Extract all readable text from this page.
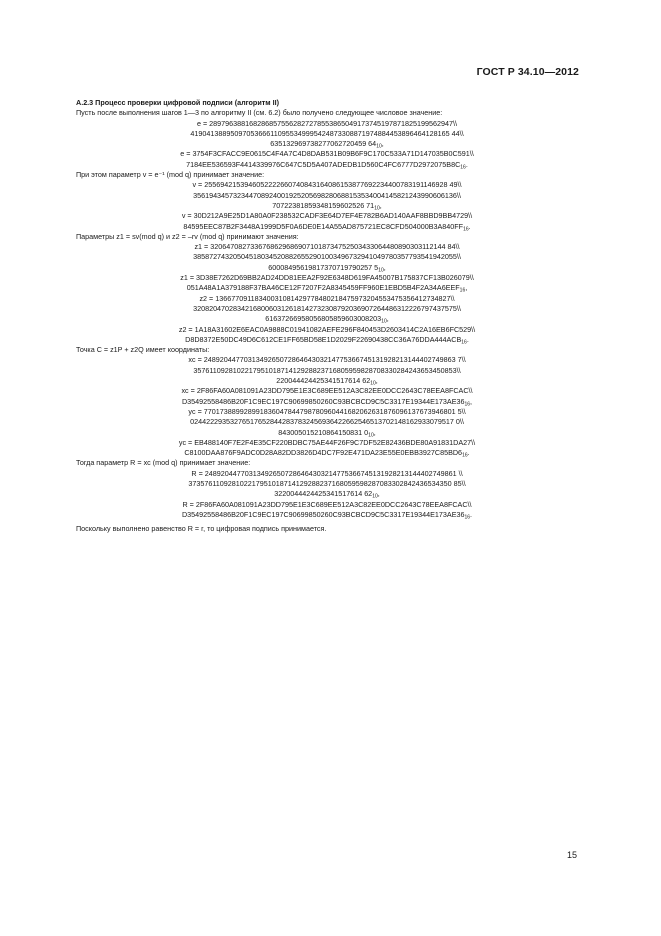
ГОСТ Р 34.10—2012
А.2.3 Процесс проверки цифровой подписи (алгоритм II)
Пусть после выполнения шагов 1—3 по алгоритму II (см. 6.2) было получено следующее числовое значение:
e = 2897963881682868575562827278553865049173745197871825199562947\\
41904138895097053666110955349995424873308871974884453896464128165 44\\
635132969738277062720459 $64_{10}$,
e = 3754F3CFACC9E0615C4F4A7C4D8DAB531B09B6F9C170C533A71D147035B0C591\\
$7184EE536593F4414339976C647C5D5A407ADEDB1D560C4FC6777D2972075B8C_{16}$.
При этом параметр v = e⁻¹ (mod q) принимает значение:
v = 2556942153946052222660740843164086153877692234400783191146928 49\\
356194345732344708924001925205698280688153534004145821243990606136\\
70722381859348159602526 $71_{10}$,
v = 30D212A9E25D1A80A0F238532CADF3E64D7EF4E782B6AD140AAF8BBD9BB4729\\
$84595EEC87B2F3448A1999D5F0A6DE0E14A55AD875721EC8CFD504000B3A840FF_{16}$.
Параметры z1 = sv(mod q) и z2 = –rv (mod q) принимают значения:
z1 = 32064708273367686296869071018734752503433064480890303112144 84\\
385872743205045180345208826552901003496732941049780357793541942055\\
60008495619817370719790257 $5_{10}$,
z1 = 3D38E7262D69BB2AD24DD81EEA2F92E6348D619FA45007B175837CF13B026079\\
$051A48A1A379188F37BA46CE12F7207F2A8345459FF960E1EBD5B4F2A34A6EEF_{16}$,
z2 = 13667709118340031081429778480218475973204553475356412734827\\
320820470283421680060312618142732308792036907264486312226797437575\\
$61637266958056805859603008203_{10}$,
z2 = 1A18A31602E6EAC0A9888C01941082AEFE296F840453D2603414C2A16EB6FC529\\
$D8D8372E50DC49D6C612CE1FF65BD58E1D2029F22690438CC36A76DDA444ACB_{16}$.
Точка C = z1P + z2Q имеет координаты:
xc = 248920447703134926507286464303214775366745131928213144402749863 7\\
357611092810221795101871412928823716805959828708330284243653450853\\
220044424425341517614 $62_{10}$,
xc = 2F86FA60A081091A23DD795E1E3C689EE512A3C82EE0DCC2643C78EEA8FCAC\\
$D35492558486B20F1C9EC197C90699850260C93BCBCD9C5C3317E19344E173AE36_{16}$,
yc = 770173889928991836047844798780960441682062631876096137673946801 5\\
024422293532765176528442837832456936422662546513702148162933079517 0\\
843005015210864150831 $0_{10}$,
yc = EB488140F7E2F4E35CF220BDBC75AE44F26F9C7DF52E82436BDE80A91831DA27\\
$C8100DAA876F9ADC0D28A82DD3826D4DC7F92E471DA23E55E0EBB3927C85BD6_{16}$.
Тогда параметр R = xc (mod q) принимает значение:
R = 248920447703134926507286464303214775366745131928213144402749861 \\
373576110928102217951018714129288237168059598287083302842436534350 85\\
3220044424425341517614 $62_{10}$,
R = 2F86FA60A081091A23DD795E1E3C689EE512A3C82EE0DCC2643C78EEA8FCAC\\
$D35492558486B20F1C9EC197C90699850260C93BCBCD9C5C3317E19344E173AE36_{16}$.
Поскольку выполнено равенство R = r, то цифровая подпись принимается.
15
